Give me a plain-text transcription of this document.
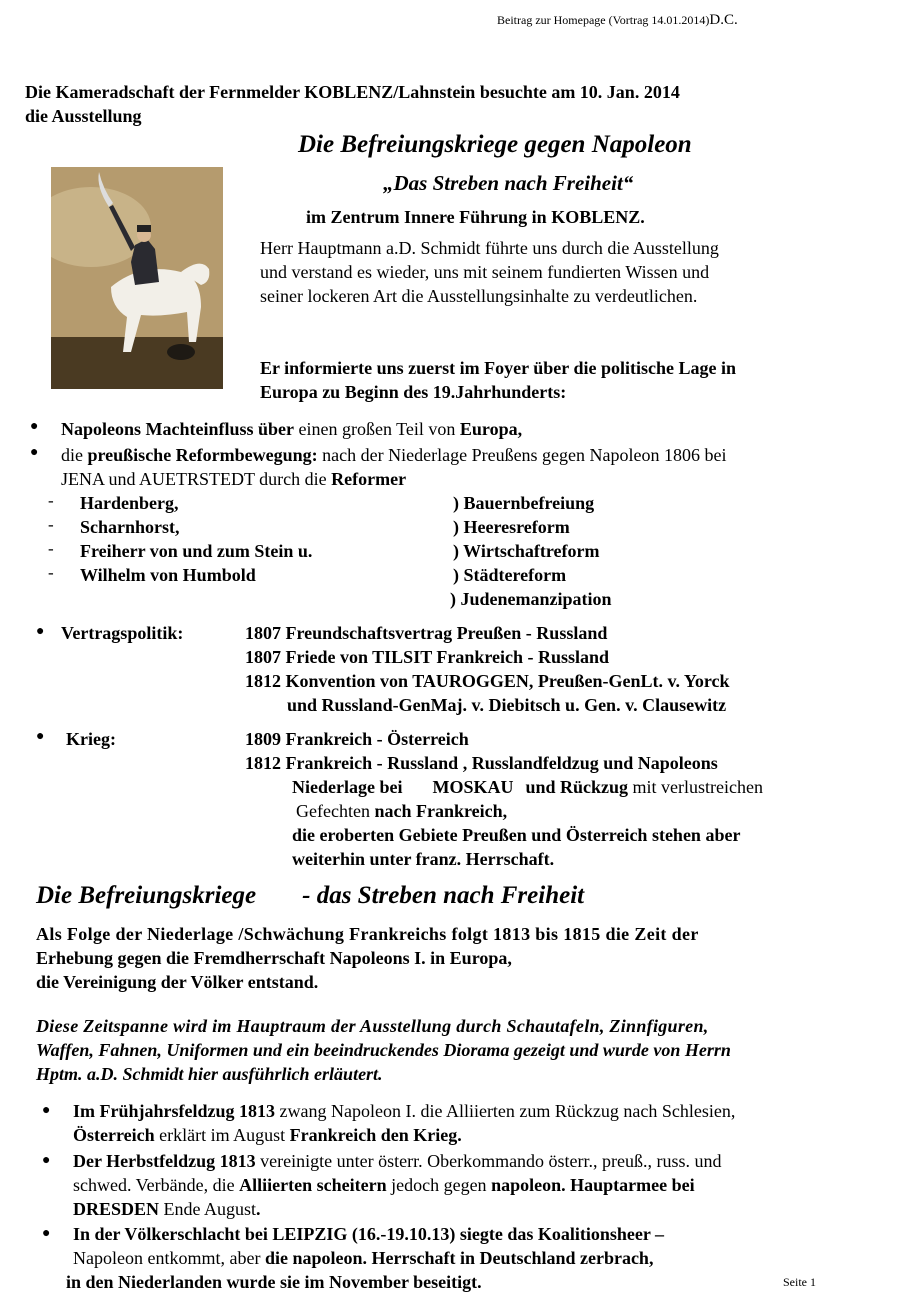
Beitrag zur Homepage (Vortrag 14.01.2014)D.C.
Die Kameradschaft der Fernmelder KOBLENZ/Lahnstein besuchte am 10. Jan. 2014
die Ausstellung
Die Befreiungskriege gegen Napoleon
„Das Streben nach Freiheit“
im Zentrum Innere Führung in KOBLENZ.
Herr Hauptmann a.D. Schmidt führte uns durch die Ausstellung
und verstand es wieder, uns mit seinem fundierten Wissen und
seiner lockeren Art die Ausstellungsinhalte zu verdeutlichen.
Er informierte uns zuerst im Foyer über die politische Lage in
Europa zu Beginn des 19.Jahrhunderts:
● Napoleons Machteinfluss über einen großen Teil von Europa,
● die preußische Reformbewegung: nach der Niederlage Preußens gegen Napoleon 1806 bei
JENA und AUETRSTEDT durch die Reformer
- Hardenberg,	) Bauernbefreiung
- Scharnhorst,	) Heeresreform
- Freiherr von und zum Stein u.	) Wirtschaftreform
- Wilhelm von Humbold	) Städtereform
) Judenemanzipation
● Vertragspolitik:	1807 Freundschaftsvertrag Preußen - Russland
1807 Friede von TILSIT Frankreich - Russland
1812 Konvention von TAUROGGEN, Preußen-GenLt. v. Yorck
und Russland-GenMaj. v. Diebitsch u. Gen. v. Clausewitz
● Krieg:	1809 Frankreich - Österreich
1812 Frankreich - Russland , Russlandfeldzug und Napoleons
Niederlage bei MOSKAU und Rückzug mit verlustreichen
Gefechten nach Frankreich,
die eroberten Gebiete Preußen und Österreich stehen aber
weiterhin unter franz. Herrschaft.
Die Befreiungskriege - das Streben nach Freiheit
Als Folge der Niederlage /Schwächung Frankreichs folgt 1813 bis 1815 die Zeit der
Erhebung gegen die Fremdherrschaft Napoleons I. in Europa,
die Vereinigung der Völker entstand.
Diese Zeitspanne wird im Hauptraum der Ausstellung durch Schautafeln, Zinnfiguren,
Waffen, Fahnen, Uniformen und ein beeindruckendes Diorama gezeigt und wurde von Herrn
Hptm. a.D. Schmidt hier ausführlich erläutert.
● Im Frühjahrsfeldzug 1813 zwang Napoleon I. die Alliierten zum Rückzug nach Schlesien,
Österreich erklärt im August Frankreich den Krieg.
● Der Herbstfeldzug 1813 vereinigte unter österr. Oberkommando österr., preuß., russ. und
schwed. Verbände, die Alliierten scheitern jedoch gegen napoleon. Hauptarmee bei
DRESDEN Ende August.
● In der Völkerschlacht bei LEIPZIG (16.-19.10.13) siegte das Koalitionsheer –
Napoleon entkommt, aber die napoleon. Herrschaft in Deutschland zerbrach,
in den Niederlanden wurde sie im November beseitigt.	Seite 1
